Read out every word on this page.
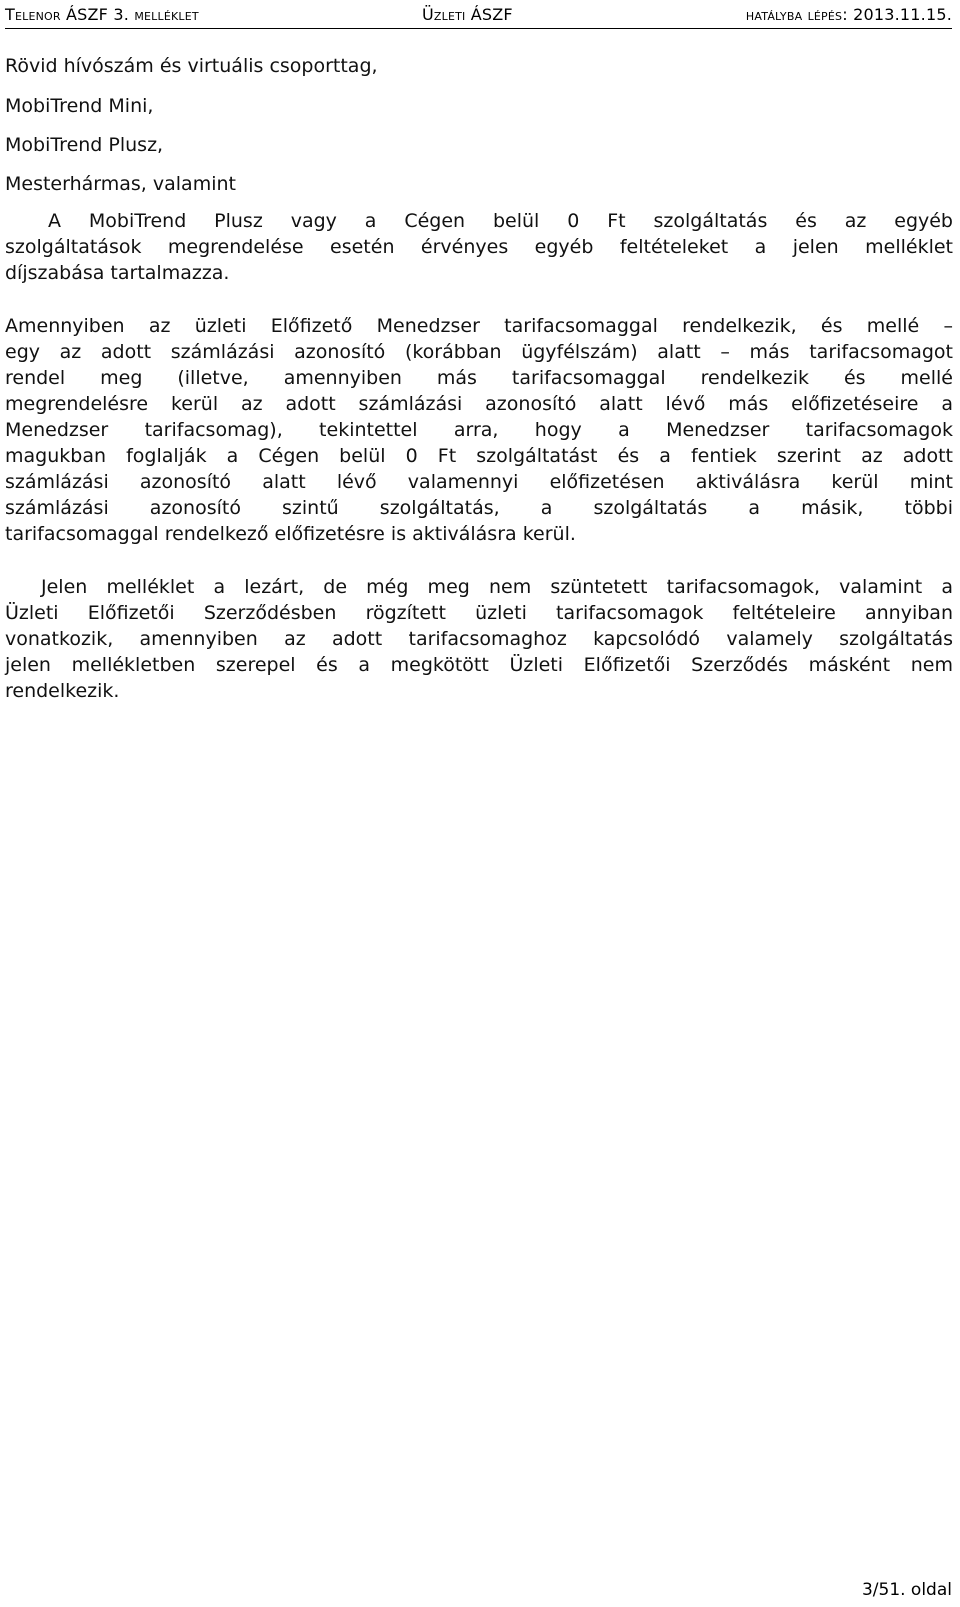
Telenor ÁSZF 3. melléklet	Üzleti ÁSZF	hatályba lépés: 2013.11.15.
Rövid hívószám és virtuális csoporttag,
MobiTrend Mini,
MobiTrend Plusz,
Mesterhármas, valamint
A MobiTrend Plusz vagy a Cégen belül 0 Ft szolgáltatás és az egyéb
szolgáltatások megrendelése esetén érvényes egyéb feltételeket a jelen melléklet
díjszabása tartalmazza.
Amennyiben az üzleti Előfizető Menedzser tarifacsomaggal rendelkezik, és mellé –
egy az adott számlázási azonosító (korábban ügyfélszám) alatt – más tarifacsomagot
rendel meg (illetve, amennyiben más tarifacsomaggal rendelkezik és mellé
megrendelésre kerül az adott számlázási azonosító alatt lévő más előfizetéseire a
Menedzser tarifacsomag), tekintettel arra, hogy a Menedzser tarifacsomagok
magukban foglalják a Cégen belül 0 Ft szolgáltatást és a fentiek szerint az adott
számlázási azonosító alatt lévő valamennyi előfizetésen aktiválásra kerül mint
számlázási azonosító szintű szolgáltatás, a szolgáltatás a másik, többi
tarifacsomaggal rendelkező előfizetésre is aktiválásra kerül.
Jelen melléklet a lezárt, de még meg nem szüntetett tarifacsomagok, valamint a
Üzleti Előfizetői Szerződésben rögzített üzleti tarifacsomagok feltételeire annyiban
vonatkozik, amennyiben az adott tarifacsomaghoz kapcsolódó valamely szolgáltatás
jelen mellékletben szerepel és a megkötött Üzleti Előfizetői Szerződés másként nem
rendelkezik.
3/51. oldal
